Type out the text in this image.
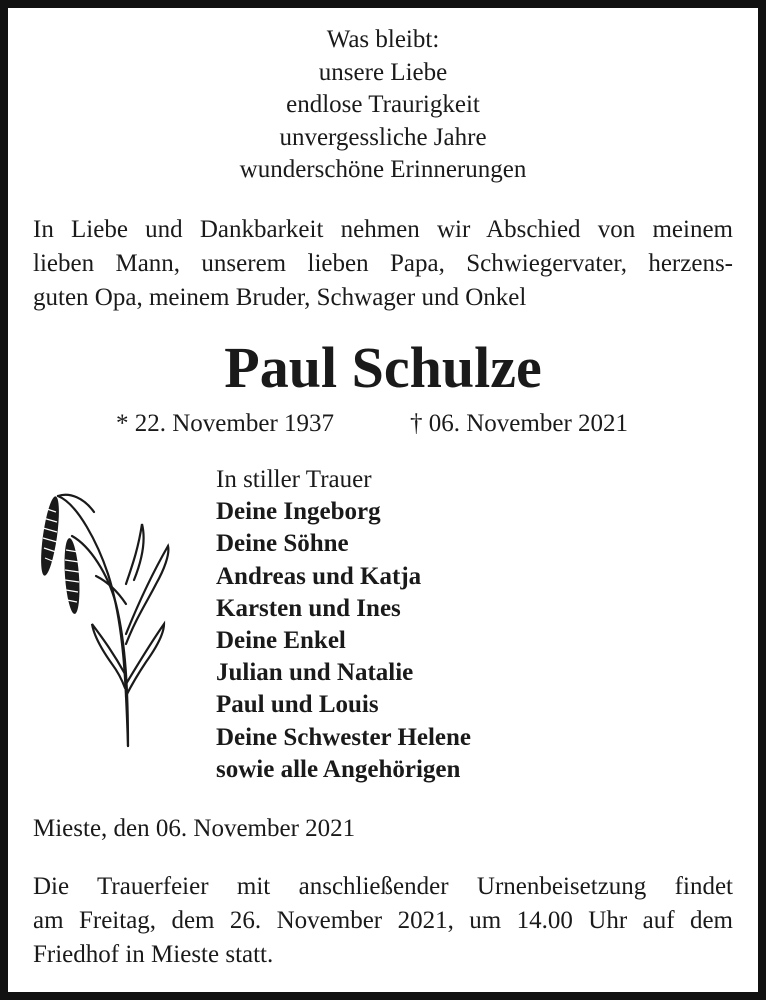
Was bleibt:
unsere Liebe
endlose Traurigkeit
unvergessliche Jahre
wunderschöne Erinnerungen
In Liebe und Dankbarkeit nehmen wir Abschied von meinem
lieben Mann, unserem lieben Papa, Schwiegervater, herzens-
guten Opa, meinem Bruder, Schwager und Onkel
Paul Schulze
* 22. November 1937	† 06. November 2021
In stiller Trauer
Deine Ingeborg
Deine Söhne
Andreas und Katja
Karsten und Ines
Deine Enkel
Julian und Natalie
Paul und Louis
Deine Schwester Helene
sowie alle Angehörigen
Mieste, den 06. November 2021
Die Trauerfeier mit anschließender Urnenbeisetzung findet
am Freitag, dem 26. November 2021, um 14.00 Uhr auf dem
Friedhof in Mieste statt.
